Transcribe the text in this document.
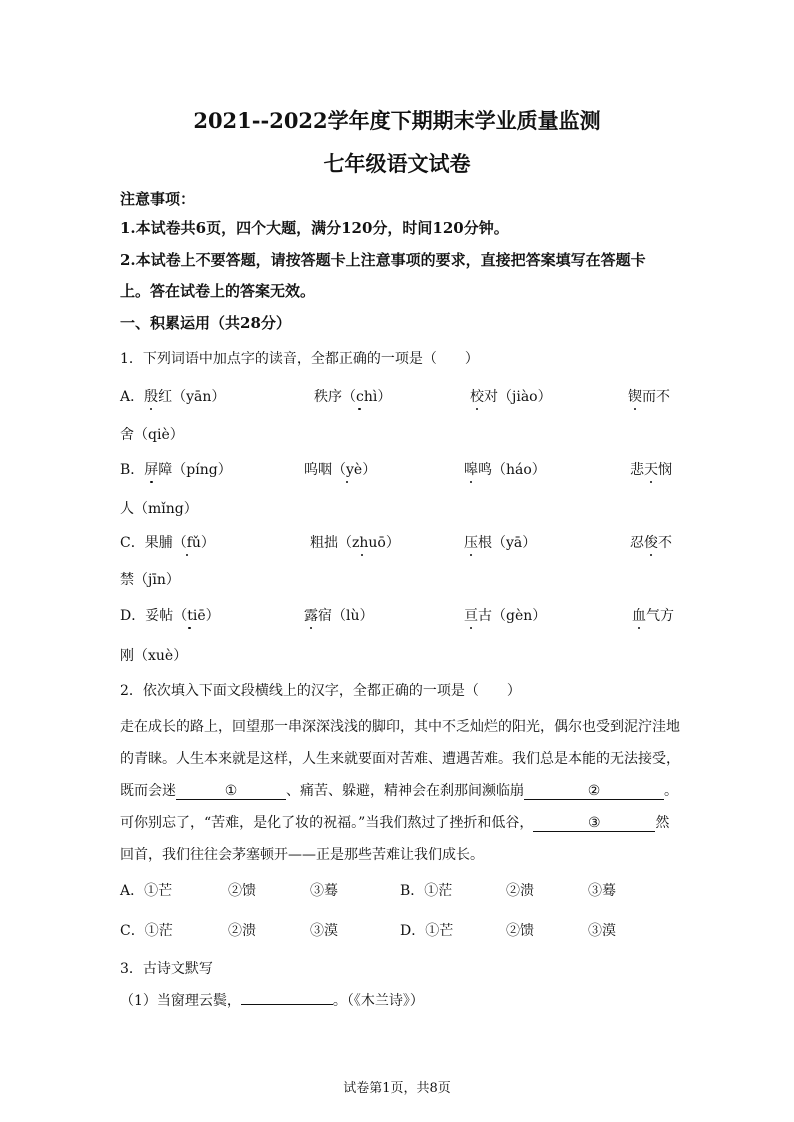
2021--2022学年度下期期末学业质量监测
七年级语文试卷
注意事项：
1.本试卷共6页，四个大题，满分120分，时间120分钟。
2.本试卷上不要答题，请按答题卡上注意事项的要求，直接把答案填写在答题卡
上。答在试卷上的答案无效。
一、积累运用（共28分）
1．下列词语中加点字的读音，全都正确的一项是（　　）
A．殷红（yān）	秩序（chì）	校对（jiào）	锲而不
舍（qiè）
B．屏障（píng）	呜咽（yè）	嗥鸣（háo）	悲天悯
人（mǐng）
C．果脯（fǔ）	粗拙（zhuō）	压根（yā）	忍俊不
禁（jīn）
D．妥帖（tiē）	露宿（lù）	亘古（gèn）	血气方
刚（xuè）
2．依次填入下面文段横线上的汉字，全都正确的一项是（　　）
走在成长的路上，回望那一串深深浅浅的脚印，其中不乏灿烂的阳光，偶尔也受到泥泞洼地
的青睐。人生本来就是这样，人生来就要面对苦难、遭遇苦难。我们总是本能的无法接受，
既而会迷	①	、痛苦、躲避，精神会在刹那间濒临崩	②	。
可你别忘了，“苦难，是化了妆的祝福。”当我们熬过了挫折和低谷，	③	然
回首，我们往往会茅塞顿开——正是那些苦难让我们成长。
A．①芒	②馈	③蓦	B．①茫	②溃	③蓦
C．①茫	②溃	③漠	D．①芒	②馈	③漠
3．古诗文默写
（1）当窗理云鬓，	。（《木兰诗》）
试卷第1页，共8页
